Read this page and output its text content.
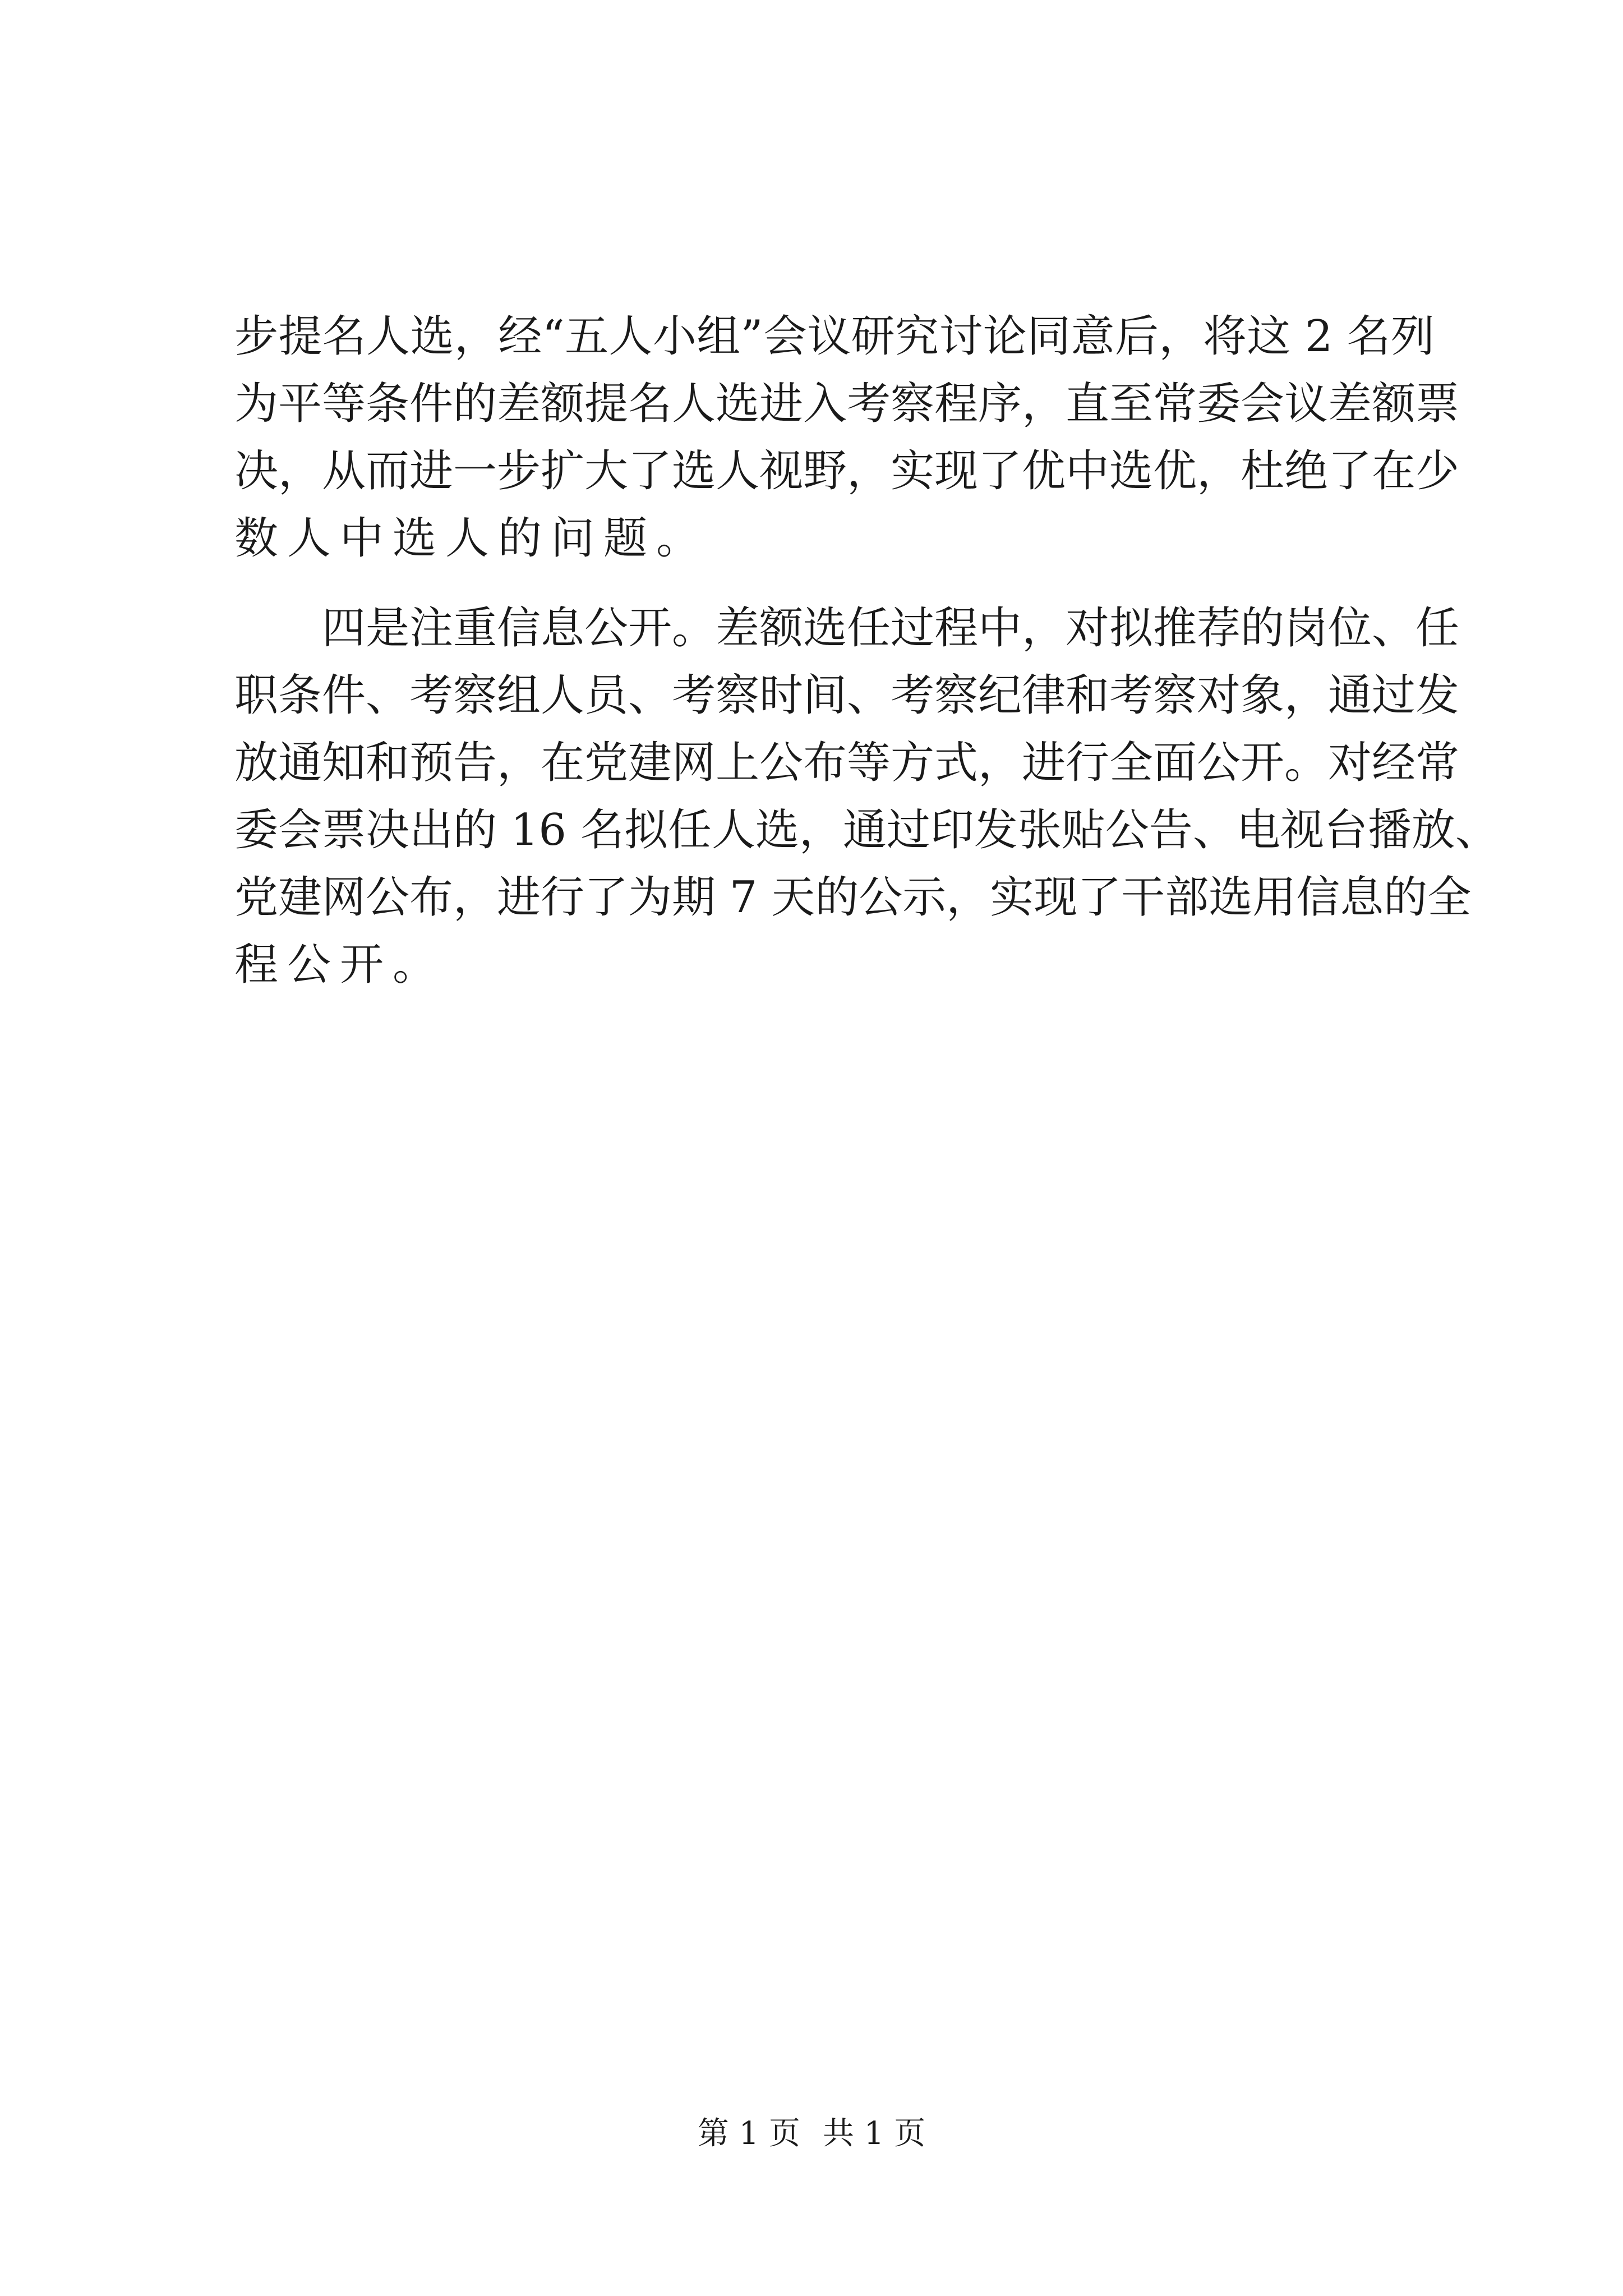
步提名人选，经“五人小组”会议研究讨论同意后，将这 2 名列
为平等条件的差额提名人选进入考察程序，直至常委会议差额票
决，从而进一步扩大了选人视野，实现了优中选优，杜绝了在少
数人中选人的问题。
四是注重信息公开。差额选任过程中，对拟推荐的岗位、任
职条件、考察组人员、考察时间、考察纪律和考察对象，通过发
放通知和预告，在党建网上公布等方式，进行全面公开。对经常
委会票决出的 16 名拟任人选，通过印发张贴公告、电视台播放、
党建网公布，进行了为期 7 天的公示，实现了干部选用信息的全
程公开。
第 1 页 共 1 页
